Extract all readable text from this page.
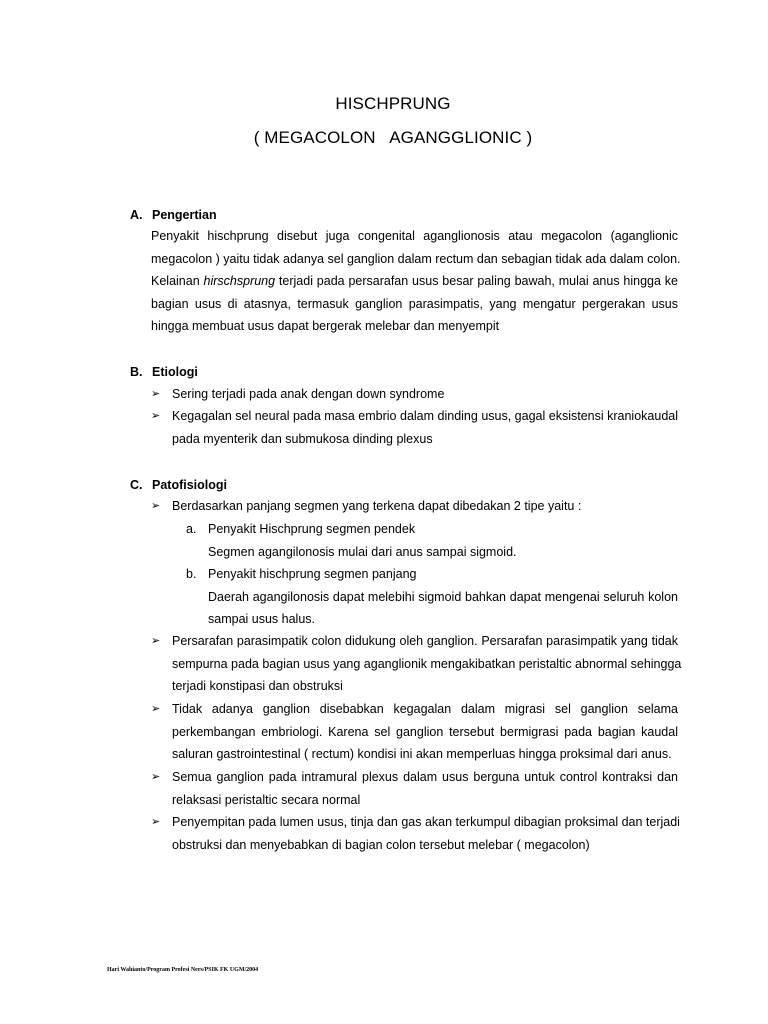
HISCHPRUNG
( MEGACOLON   AGANGGLIONIC )
A. Pengertian
Penyakit hischprung disebut juga congenital aganglionosis atau megacolon (aganglionic
megacolon ) yaitu tidak adanya sel ganglion dalam rectum dan sebagian tidak ada dalam colon.
Kelainan hirschsprung terjadi pada persarafan usus besar paling bawah, mulai anus hingga ke
bagian usus di atasnya, termasuk ganglion parasimpatis, yang mengatur pergerakan usus
hingga membuat usus dapat bergerak melebar dan menyempit
B. Etiologi
➢ Sering terjadi pada anak dengan down syndrome
➢ Kegagalan sel neural pada masa embrio dalam dinding usus, gagal eksistensi kraniokaudal
pada myenterik dan submukosa dinding plexus
C. Patofisiologi
➢ Berdasarkan panjang segmen yang terkena dapat dibedakan 2 tipe yaitu :
a. Penyakit Hischprung segmen pendek
Segmen agangilonosis mulai dari anus sampai sigmoid.
b. Penyakit hischprung segmen panjang
Daerah agangilonosis dapat melebihi sigmoid bahkan dapat mengenai seluruh kolon
sampai usus halus.
➢ Persarafan parasimpatik colon didukung oleh ganglion. Persarafan parasimpatik yang tidak
sempurna pada bagian usus yang aganglionik mengakibatkan peristaltic abnormal sehingga
terjadi konstipasi dan obstruksi
➢ Tidak adanya ganglion disebabkan kegagalan dalam migrasi sel ganglion selama
perkembangan embriologi. Karena sel ganglion tersebut bermigrasi pada bagian kaudal
saluran gastrointestinal ( rectum) kondisi ini akan memperluas hingga proksimal dari anus.
➢ Semua ganglion pada intramural plexus dalam usus berguna untuk control kontraksi dan
relaksasi peristaltic secara normal
➢ Penyempitan pada lumen usus, tinja dan gas akan terkumpul dibagian proksimal dan terjadi
obstruksi dan menyebabkan di bagian colon tersebut melebar ( megacolon)
Hari Wahianto/Program Profesi Ners/PSIK FK UGM/2004
